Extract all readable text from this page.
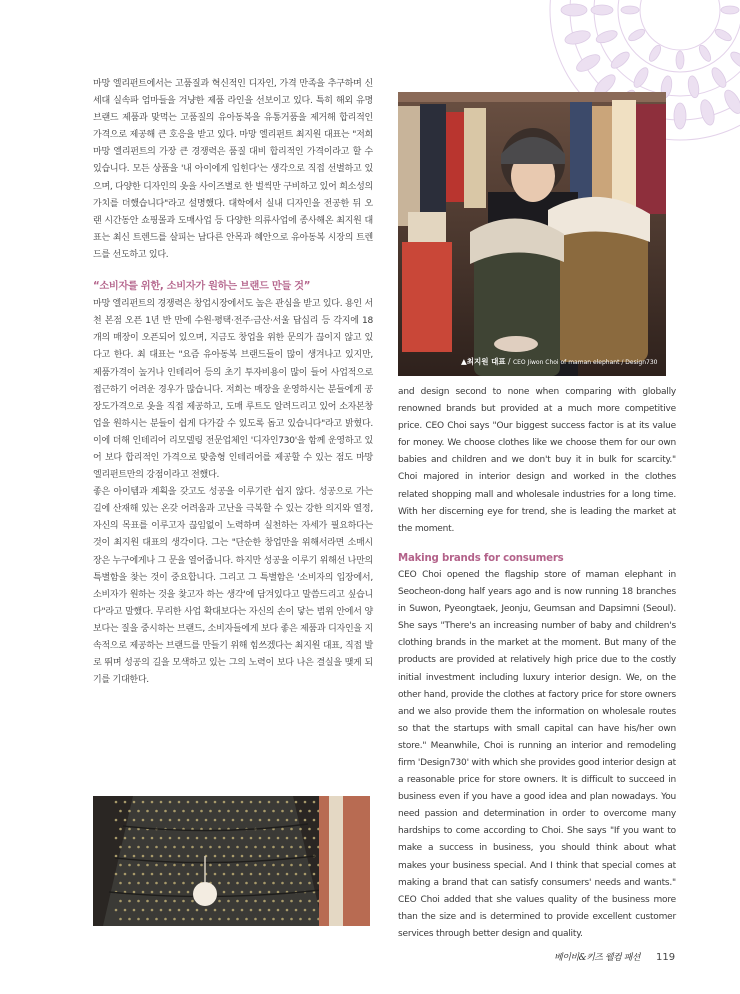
마망 엘리펀트에서는 고품질과 혁신적인 디자인, 가격 만족을 추구하며 신세대 실속파 엄마들을 겨냥한 제품 라인을 선보이고 있다. 특히 해외 유명 브랜드 제품과 맞먹는 고품질의 유아동복을 유통거품을 제거해 합리적인 가격으로 제공해 큰 호응을 받고 있다. 마망 엘리펀트 최지원 대표는 "저희 마망 엘리펀트의 가장 큰 경쟁력은 품질 대비 합리적인 가격이라고 할 수 있습니다. 모든 상품을 '내 아이에게 입힌다'는 생각으로 직접 선별하고 있으며, 다양한 디자인의 옷을 사이즈별로 한 벌씩만 구비하고 있어 희소성의 가치를 더했습니다"라고 설명했다. 대학에서 실내 디자인을 전공한 뒤 오랜 시간동안 쇼핑몰과 도매사업 등 다양한 의류사업에 종사해온 최지원 대표는 최신 트렌드를 살피는 남다른 안목과 혜안으로 유아동복 시장의 트렌드를 선도하고 있다.

“소비자를 위한, 소비자가 원하는 브랜드 만들 것”

마망 엘리펀트의 경쟁력은 창업시장에서도 높은 관심을 받고 있다. 용인 서천 본점 오픈 1년 반 만에 수원·평택·전주·금산·서울 답십리 등 각지에 18개의 매장이 오픈되어 있으며, 지금도 창업을 위한 문의가 끊이지 않고 있다고 한다. 최 대표는 "요즘 유아동복 브랜드들이 많이 생겨나고 있지만, 제품가격이 높거나 인테리어 등의 초기 투자비용이 많이 들어 사업적으로 접근하기 어려운 경우가 많습니다. 저희는 매장을 운영하시는 분들에게 공장도가격으로 옷을 직접 제공하고, 도매 루트도 알려드리고 있어 소자본창업을 원하시는 분들이 쉽게 다가갈 수 있도록 돕고 있습니다"라고 밝혔다. 이에 더해 인테리어 리모델링 전문업체인 '디자인730'을 함께 운영하고 있어 보다 합리적인 가격으로 맞춤형 인테리어를 제공할 수 있는 점도 마망 엘리펀트만의 강점이라고 전했다.

좋은 아이템과 계획을 갖고도 성공을 이루기란 쉽지 않다. 성공으로 가는 길에 산재해 있는 온갖 어려움과 고난을 극복할 수 있는 강한 의지와 열정, 자신의 목표를 이루고자 끊임없이 노력하며 실천하는 자세가 필요하다는 것이 최지원 대표의 생각이다. 그는 "단순한 창업만을 위해서라면 소매시장은 누구에게나 그 문을 열어줍니다. 하지만 성공을 이루기 위해선 나만의 특별함을 찾는 것이 중요합니다. 그리고 그 특별함은 '소비자의 입장에서, 소비자가 원하는 것을 찾고자 하는 생각'에 담겨있다고 말씀드리고 싶습니다"라고 말했다. 무리한 사업 확대보다는 자신의 손이 닿는 범위 안에서 양보다는 질을 중시하는 브랜드, 소비자들에게 보다 좋은 제품과 디자인을 지속적으로 제공하는 브랜드를 만들기 위해 힘쓰겠다는 최지원 대표, 직접 발로 뛰며 성공의 길을 모색하고 있는 그의 노력이 보다 나은 결실을 맺게 되기를 기대한다.

▲최지원 대표 / CEO Jiwon Choi of maman elephant / Design730

and design second to none when comparing with globally renowned brands but provided at a much more competitive price. CEO Choi says "Our biggest success factor is at its value for money. We choose clothes like we choose them for our own babies and children and we don't buy it in bulk for scarcity." Choi majored in interior design and worked in the clothes related shopping mall and wholesale industries for a long time. With her discerning eye for trend, she is leading the market at the moment.

Making brands for consumers

CEO Choi opened the flagship store of maman elephant in Seocheon-dong half years ago and is now running 18 branches in Suwon, Pyeongtaek, Jeonju, Geumsan and Dapsimni (Seoul). She says "There's an increasing number of baby and children's clothing brands in the market at the moment. But many of the products are provided at relatively high price due to the costly initial investment including luxury interior design. We, on the other hand, provide the clothes at factory price for store owners and we also provide them the information on wholesale routes so that the startups with small capital can have his/her own store." Meanwhile, Choi is running an interior and remodeling firm 'Design730' with which she provides good interior design at a reasonable price for store owners. It is difficult to succeed in business even if you have a good idea and plan nowadays. You need passion and determination in order to overcome many hardships to come according to Choi. She says "If you want to make a success in business, you should think about what makes your business special. And I think that special comes at making a brand that can satisfy consumers' needs and wants." CEO Choi added that she values quality of the business more than the size and is determined to provide excellent customer services through better design and quality.

베이비&키즈 웰컴 패션 119
